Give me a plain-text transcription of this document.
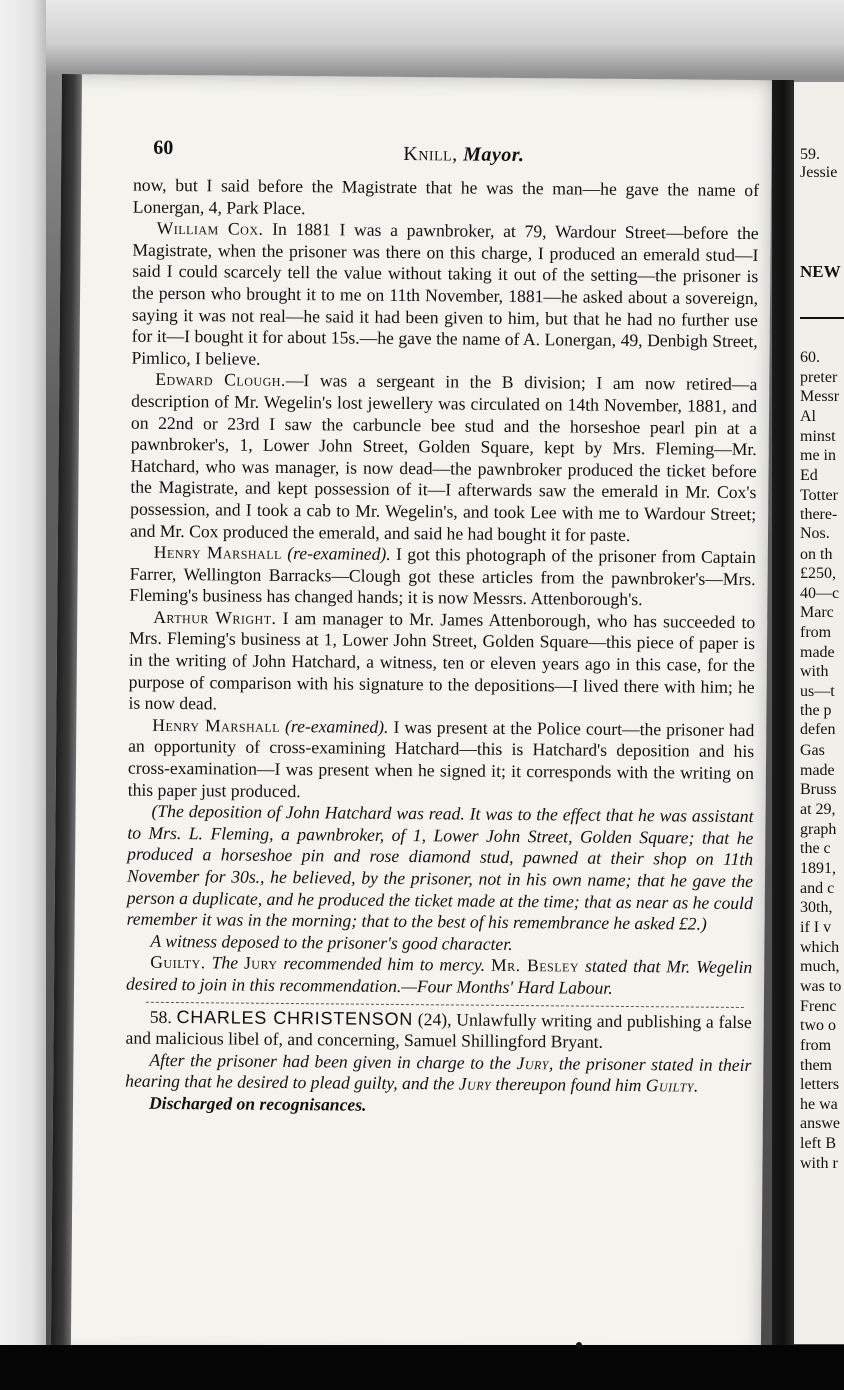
60	Knill, Mayor.

now, but I said before the Magistrate that he was the man—he gave the name of Lonergan, 4, Park Place.

William Cox. In 1881 I was a pawnbroker, at 79, Wardour Street—before the Magistrate, when the prisoner was there on this charge, I produced an emerald stud—I said I could scarcely tell the value without taking it out of the setting—the prisoner is the person who brought it to me on 11th November, 1881—he asked about a sovereign, saying it was not real—he said it had been given to him, but that he had no further use for it—I bought it for about 15s.—he gave the name of A. Lonergan, 49, Denbigh Street, Pimlico, I believe.

Edward Clough.—I was a sergeant in the B division; I am now retired—a description of Mr. Wegelin's lost jewellery was circulated on 14th November, 1881, and on 22nd or 23rd I saw the carbuncle bee stud and the horseshoe pearl pin at a pawnbroker's, 1, Lower John Street, Golden Square, kept by Mrs. Fleming—Mr. Hatchard, who was manager, is now dead—the pawnbroker produced the ticket before the Magistrate, and kept possession of it—I afterwards saw the emerald in Mr. Cox's possession, and I took a cab to Mr. Wegelin's, and took Lee with me to Wardour Street; and Mr. Cox produced the emerald, and said he had bought it for paste.

Henry Marshall (re-examined). I got this photograph of the prisoner from Captain Farrer, Wellington Barracks—Clough got these articles from the pawnbroker's—Mrs. Fleming's business has changed hands; it is now Messrs. Attenborough's.

Arthur Wright. I am manager to Mr. James Attenborough, who has succeeded to Mrs. Fleming's business at 1, Lower John Street, Golden Square—this piece of paper is in the writing of John Hatchard, a witness, ten or eleven years ago in this case, for the purpose of comparison with his signature to the depositions—I lived there with him; he is now dead.

Henry Marshall (re-examined). I was present at the Police court—the prisoner had an opportunity of cross-examining Hatchard—this is Hatchard's deposition and his cross-examination—I was present when he signed it; it corresponds with the writing on this paper just produced.

(The deposition of John Hatchard was read. It was to the effect that he was assistant to Mrs. L. Fleming, a pawnbroker, of 1, Lower John Street, Golden Square; that he produced a horseshoe pin and rose diamond stud, pawned at their shop on 11th November for 30s., he believed, by the prisoner, not in his own name; that he gave the person a duplicate, and he produced the ticket made at the time; that as near as he could remember it was in the morning; that to the best of his remembrance he asked £2.)

A witness deposed to the prisoner's good character.

Guilty. The Jury recommended him to mercy. Mr. Besley stated that Mr. Wegelin desired to join in this recommendation.—Four Months' Hard Labour.

58. CHARLES CHRISTENSON (24), Unlawfully writing and publishing a false and malicious libel of, and concerning, Samuel Shillingford Bryant.

After the prisoner had been given in charge to the Jury, the prisoner stated in their hearing that he desired to plead guilty, and the Jury thereupon found him Guilty.

Discharged on recognisances.

59.
Jessie
NEW
60.
preter
Messr
Al
minst
me in
Ed
Totter
there-
Nos.
on th
£250,
40—c
Marc
from
made
with
us—t
the p
defen
Gas
made
Bruss
at 29,
graph
the c
1891,
and c
30th,
if I v
which
much,
was to
Frenc
two o
from
them
letters
he wa
answe
left B
with r
